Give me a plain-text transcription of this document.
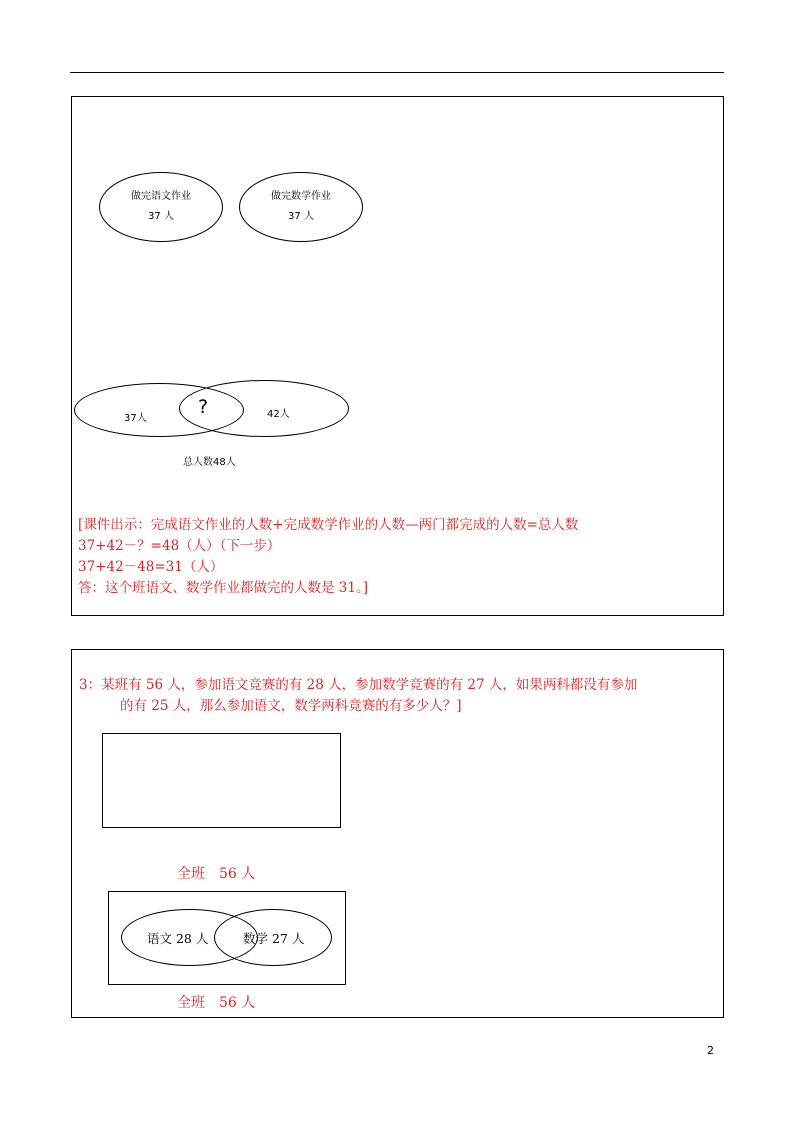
做完语文作业
37 人
做完数学作业
37 人
37人
?	42人
总人数48人
[课件出示：完成语文作业的人数+完成数学作业的人数—两门都完成的人数=总人数
37+42－？=48（人）（下一步）
37+42－48=31（人）
答：这个班语文、数学作业都做完的人数是 31。]
3：某班有 56 人，参加语文竞赛的有 28 人，参加数学竞赛的有 27 人，如果两科都没有参加
的有 25 人，那么参加语文，数学两科竞赛的有多少人？]
全班　56 人
语文 28 人	数学 27 人
全班　56 人
2
